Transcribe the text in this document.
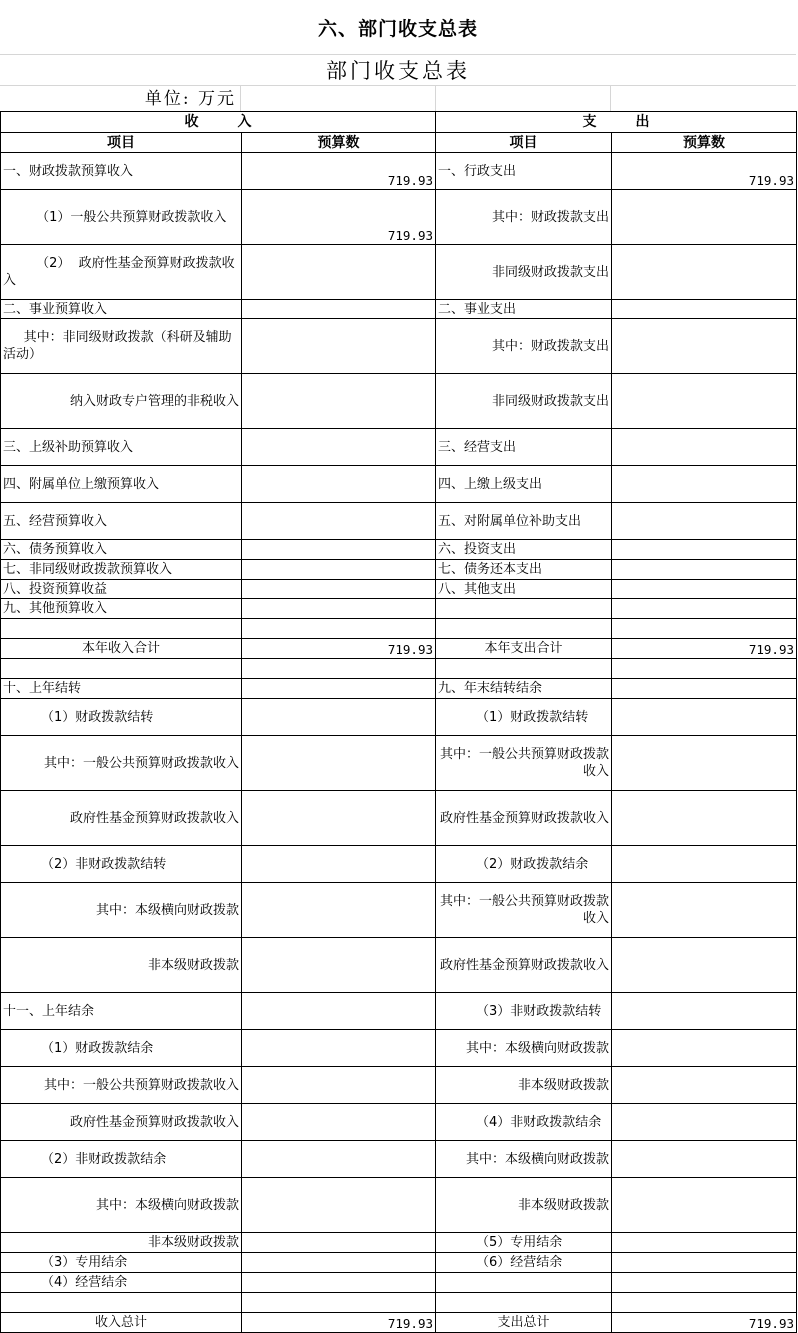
六、部门收支总表
部门收支总表
单位: 万元
收        入		支        出	
项目	预算数	项目	预算数
一、财政拨款预算收入	719.93	一、行政支出	719.93
（1）一般公共预算财政拨款收入	719.93	其中：财政拨款支出	
（2）  政府性基金预算财政拨款收入		非同级财政拨款支出	
二、事业预算收入		二、事业支出	
其中：非同级财政拨款（科研及辅助活动）		其中：财政拨款支出	
纳入财政专户管理的非税收入		非同级财政拨款支出	
三、上级补助预算收入		三、经营支出	
四、附属单位上缴预算收入		四、上缴上级支出	
五、经营预算收入		五、对附属单位补助支出	
六、债务预算收入		六、投资支出	
七、非同级财政拨款预算收入		七、债务还本支出	
八、投资预算收益		八、其他支出	
九、其他预算收入			

本年收入合计	719.93	本年支出合计	719.93

十、上年结转		九、年末结转结余	
（1）财政拨款结转		（1）财政拨款结转	
其中：一般公共预算财政拨款收入		其中：一般公共预算财政拨款收入	
政府性基金预算财政拨款收入		政府性基金预算财政拨款收入	
（2）非财政拨款结转		（2）财政拨款结余	
其中：本级横向财政拨款		其中：一般公共预算财政拨款收入	
非本级财政拨款		政府性基金预算财政拨款收入	
十一、上年结余		（3）非财政拨款结转	
（1）财政拨款结余		其中：本级横向财政拨款	
其中：一般公共预算财政拨款收入		非本级财政拨款	
政府性基金预算财政拨款收入		（4）非财政拨款结余	
（2）非财政拨款结余		其中：本级横向财政拨款	
其中：本级横向财政拨款		非本级财政拨款	
非本级财政拨款		（5）专用结余	
（3）专用结余		（6）经营结余	
（4）经营结余			

收入总计	719.93	支出总计	719.93
